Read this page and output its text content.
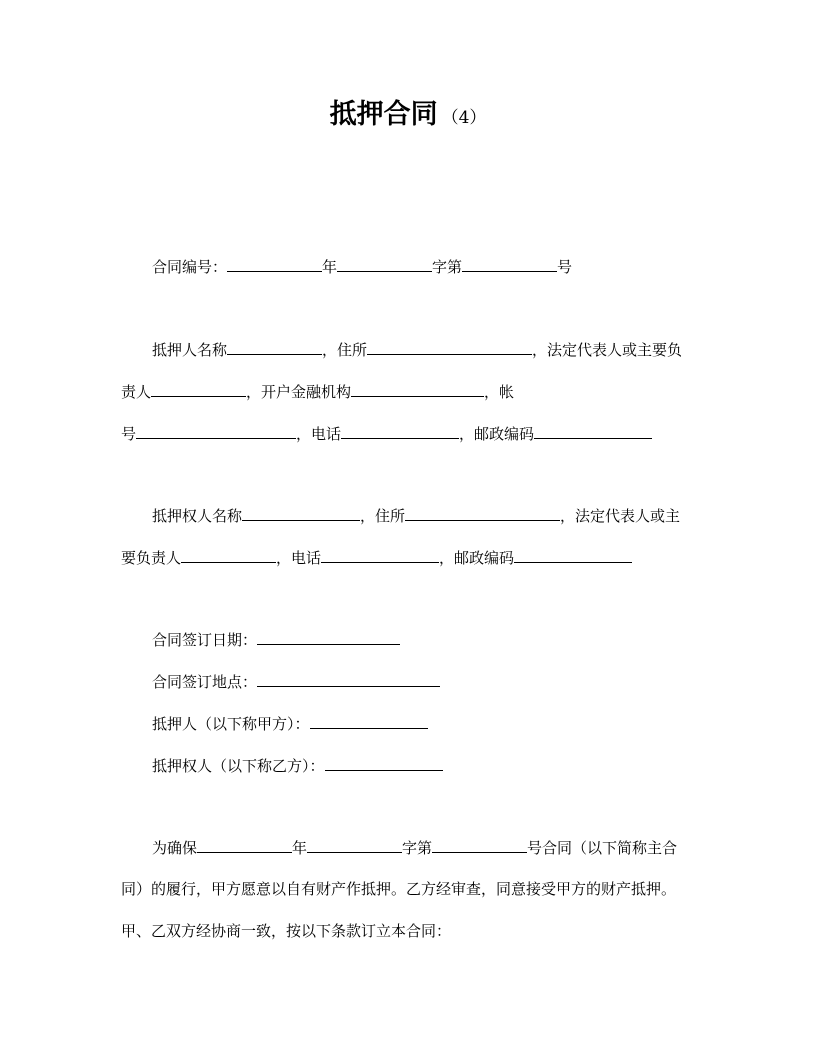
抵押合同 （4）
合同编号：	年	字第	号
抵押人名称	，住所	，法定代表人或主要负
责人	，开户金融机构	，帐
号	，电话	，邮政编码
抵押权人名称	，住所	，法定代表人或主
要负责人	，电话	，邮政编码
合同签订日期：
合同签订地点：
抵押人（以下称甲方）：
抵押权人（以下称乙方）：
为确保	年	字第	号合同（以下简称主合
同）的履行，甲方愿意以自有财产作抵押。乙方经审查，同意接受甲方的财产抵押。
甲、乙双方经协商一致，按以下条款订立本合同：
